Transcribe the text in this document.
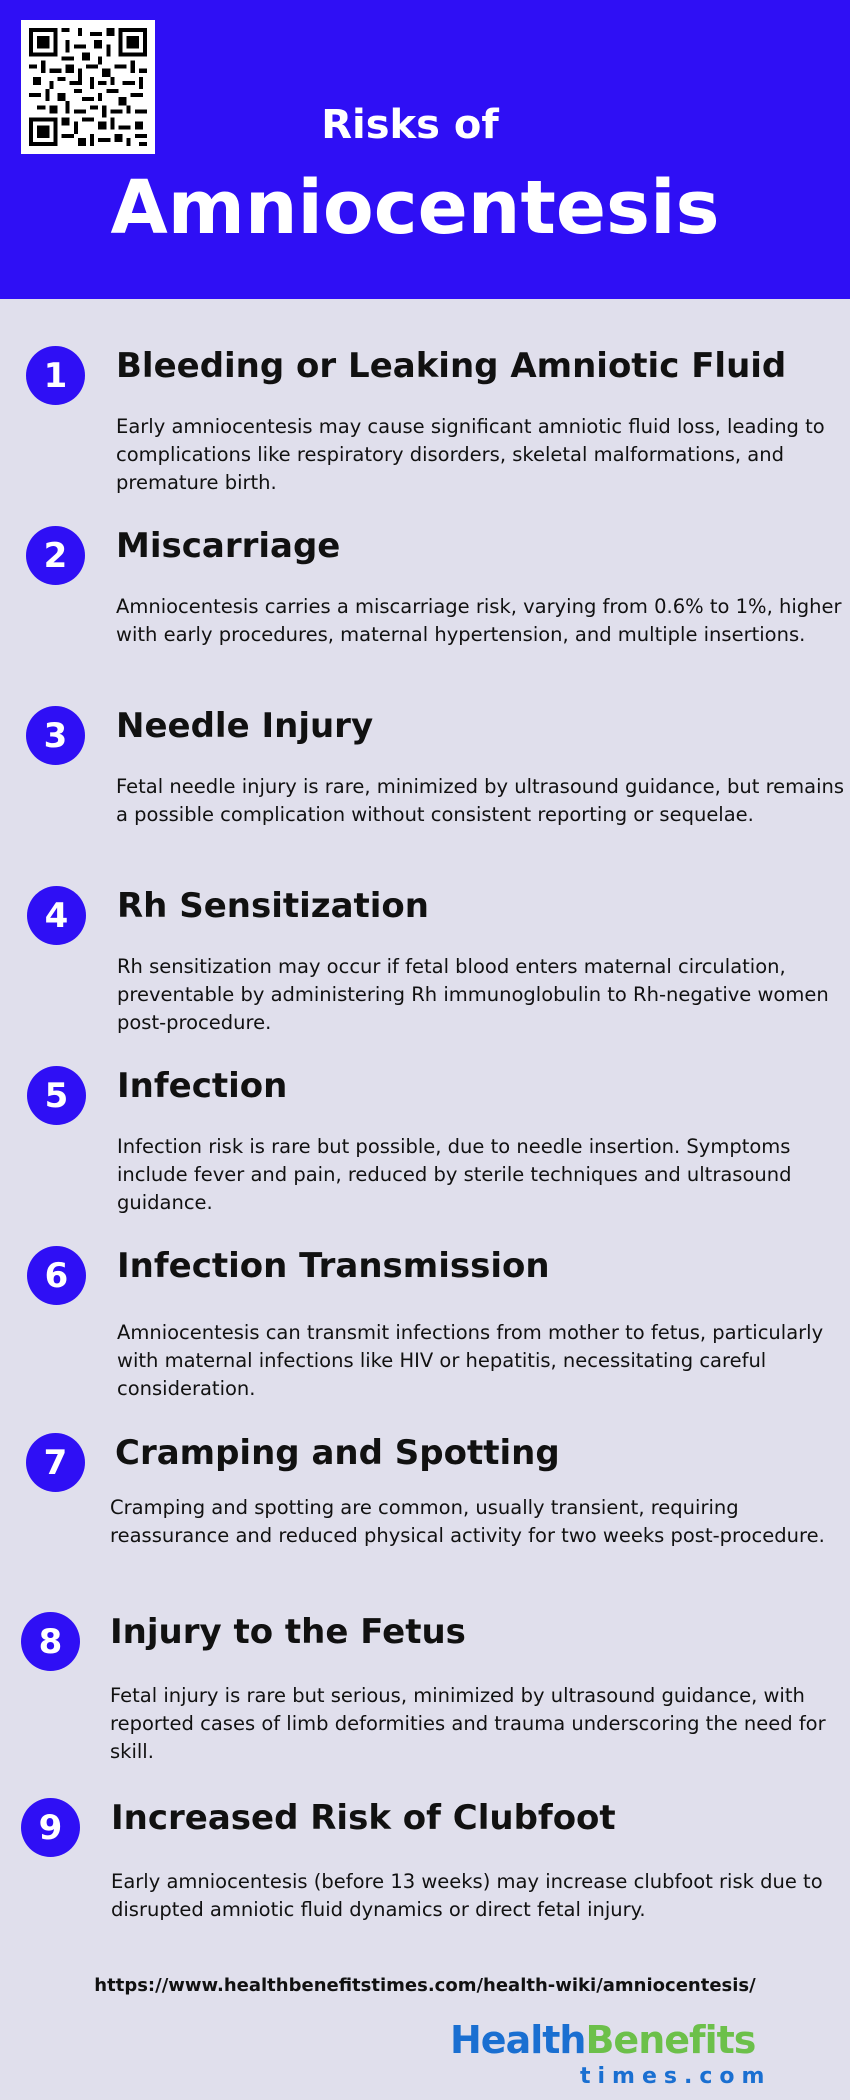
Risks of
Amniocentesis
1	Bleeding or Leaking Amniotic Fluid
Early amniocentesis may cause significant amniotic fluid loss, leading to complications like respiratory disorders, skeletal malformations, and premature birth.
2	Miscarriage
Amniocentesis carries a miscarriage risk, varying from 0.6% to 1%, higher with early procedures, maternal hypertension, and multiple insertions.
3	Needle Injury
Fetal needle injury is rare, minimized by ultrasound guidance, but remains a possible complication without consistent reporting or sequelae.
4	Rh Sensitization
Rh sensitization may occur if fetal blood enters maternal circulation, preventable by administering Rh immunoglobulin to Rh-negative women post-procedure.
5	Infection
Infection risk is rare but possible, due to needle insertion. Symptoms include fever and pain, reduced by sterile techniques and ultrasound guidance.
6	Infection Transmission
Amniocentesis can transmit infections from mother to fetus, particularly with maternal infections like HIV or hepatitis, necessitating careful consideration.
7	Cramping and Spotting
Cramping and spotting are common, usually transient, requiring reassurance and reduced physical activity for two weeks post-procedure.
8	Injury to the Fetus
Fetal injury is rare but serious, minimized by ultrasound guidance, with reported cases of limb deformities and trauma underscoring the need for skill.
9	Increased Risk of Clubfoot
Early amniocentesis (before 13 weeks) may increase clubfoot risk due to disrupted amniotic fluid dynamics or direct fetal injury.
https://www.healthbenefitstimes.com/health-wiki/amniocentesis/
HealthBenefits
times.com
